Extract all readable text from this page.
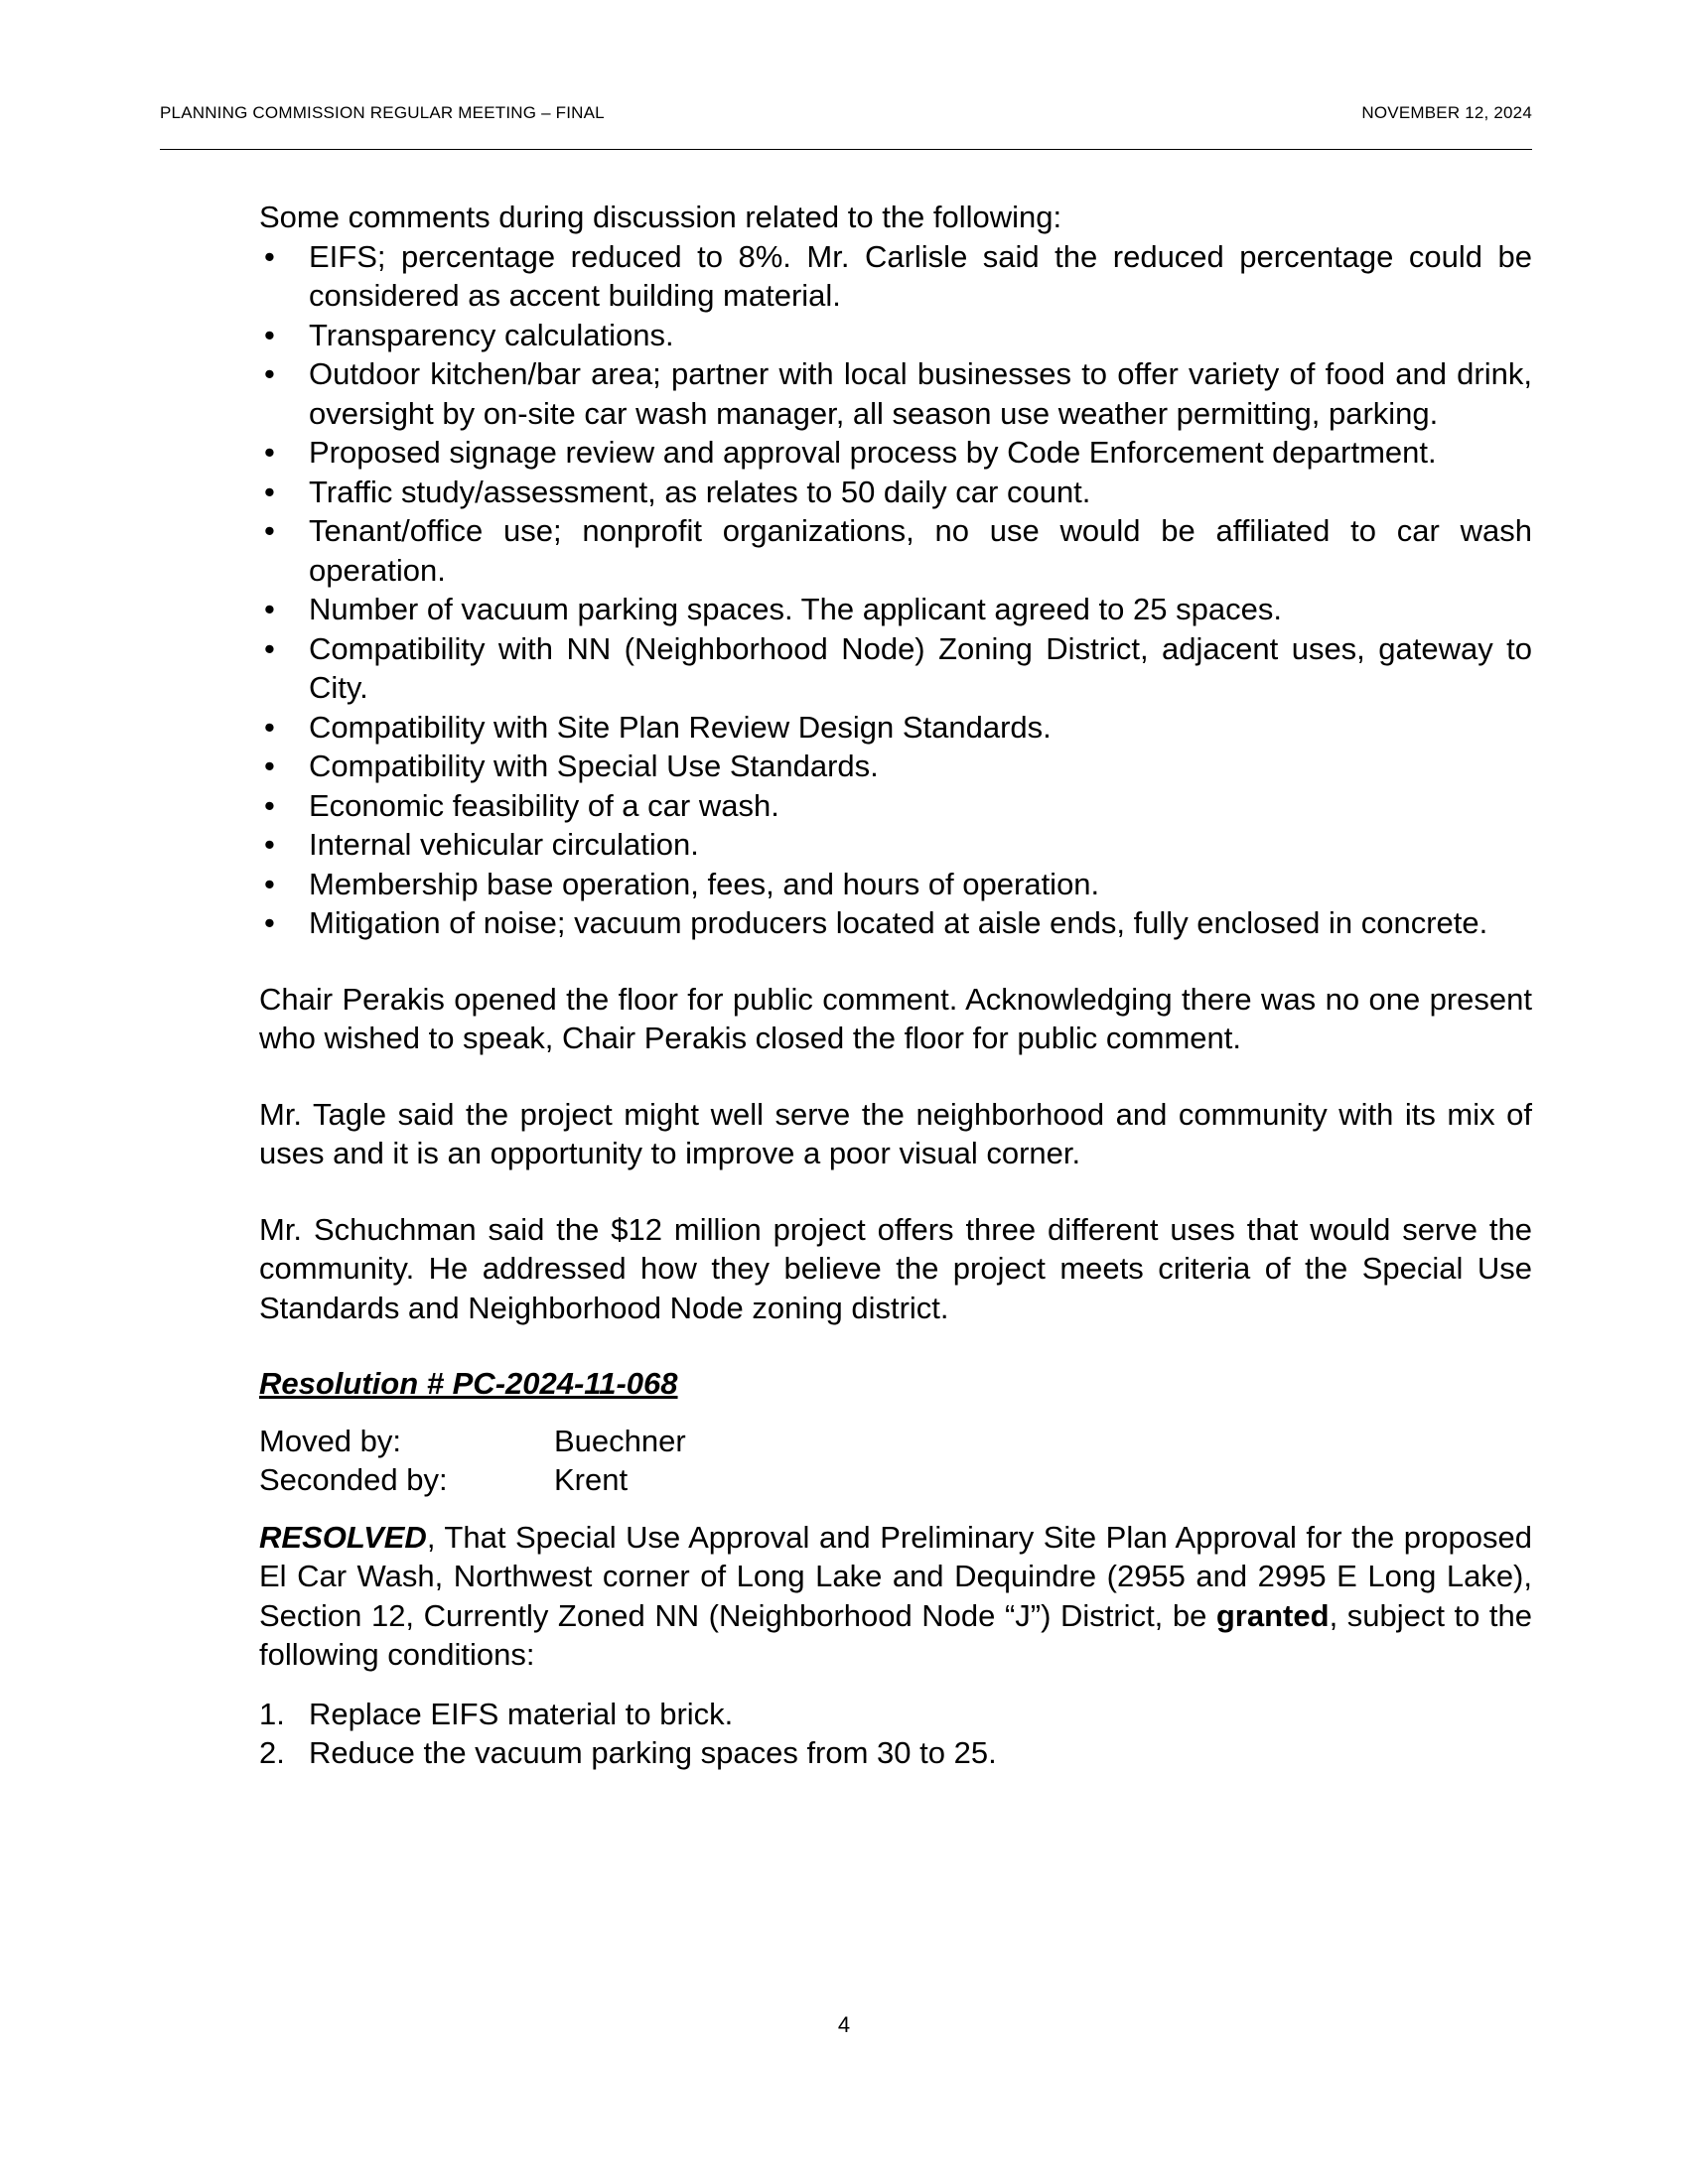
PLANNING COMMISSION REGULAR MEETING – FINAL	NOVEMBER 12, 2024

Some comments during discussion related to the following:

• EIFS; percentage reduced to 8%. Mr. Carlisle said the reduced percentage could be considered as accent building material.
• Transparency calculations.
• Outdoor kitchen/bar area; partner with local businesses to offer variety of food and drink, oversight by on-site car wash manager, all season use weather permitting, parking.
• Proposed signage review and approval process by Code Enforcement department.
• Traffic study/assessment, as relates to 50 daily car count.
• Tenant/office use; nonprofit organizations, no use would be affiliated to car wash operation.
• Number of vacuum parking spaces. The applicant agreed to 25 spaces.
• Compatibility with NN (Neighborhood Node) Zoning District, adjacent uses, gateway to City.
• Compatibility with Site Plan Review Design Standards.
• Compatibility with Special Use Standards.
• Economic feasibility of a car wash.
• Internal vehicular circulation.
• Membership base operation, fees, and hours of operation.
• Mitigation of noise; vacuum producers located at aisle ends, fully enclosed in concrete.

Chair Perakis opened the floor for public comment. Acknowledging there was no one present who wished to speak, Chair Perakis closed the floor for public comment.

Mr. Tagle said the project might well serve the neighborhood and community with its mix of uses and it is an opportunity to improve a poor visual corner.

Mr. Schuchman said the $12 million project offers three different uses that would serve the community. He addressed how they believe the project meets criteria of the Special Use Standards and Neighborhood Node zoning district.

Resolution # PC-2024-11-068

Moved by:	Buechner
Seconded by:	Krent

RESOLVED, That Special Use Approval and Preliminary Site Plan Approval for the proposed El Car Wash, Northwest corner of Long Lake and Dequindre (2955 and 2995 E Long Lake), Section 12, Currently Zoned NN (Neighborhood Node “J”) District, be granted, subject to the following conditions:

1. Replace EIFS material to brick.
2. Reduce the vacuum parking spaces from 30 to 25.
4
